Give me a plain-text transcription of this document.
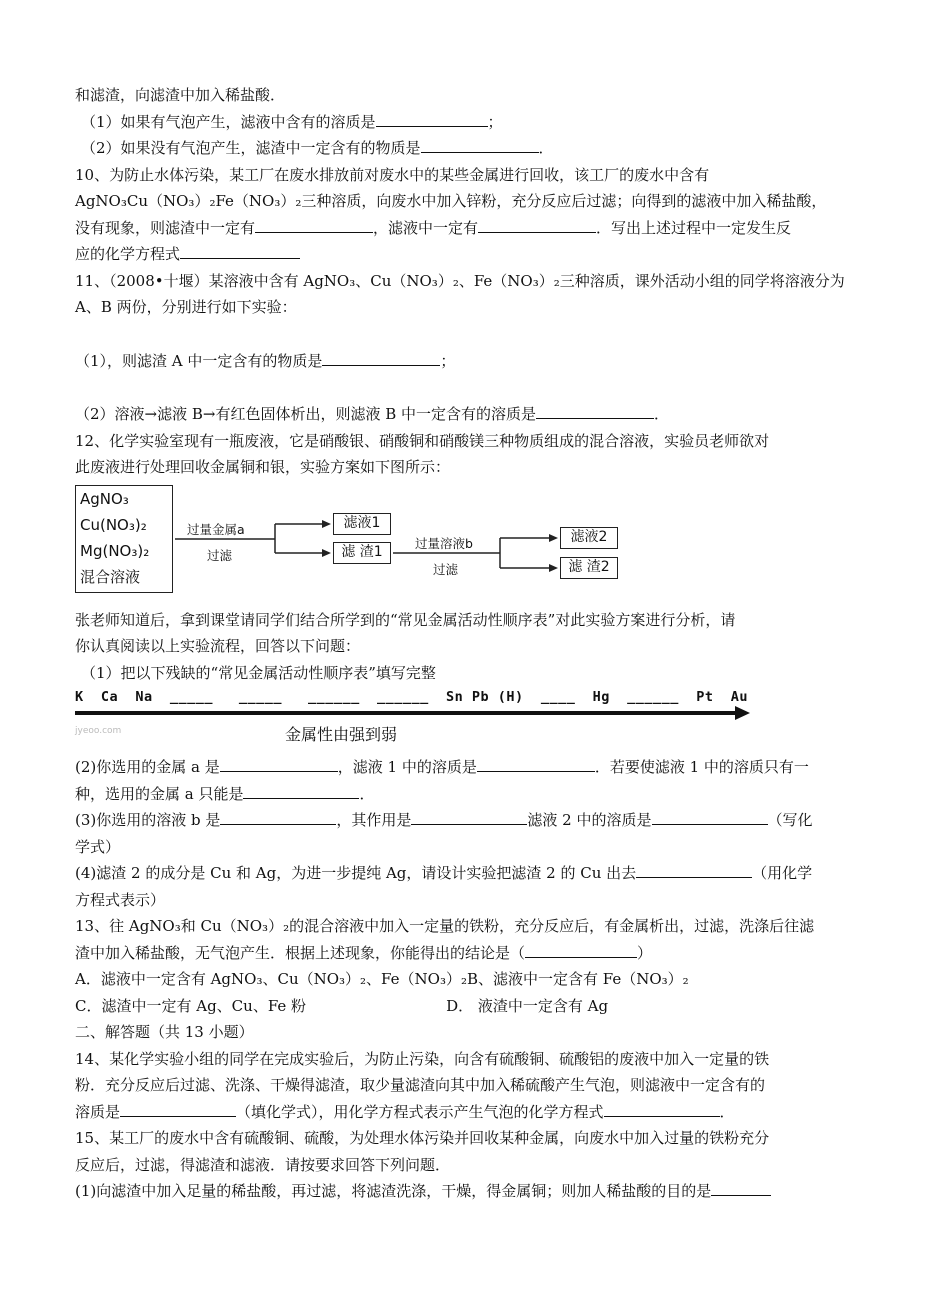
和滤渣，向滤渣中加入稀盐酸．
（1）如果有气泡产生，滤液中含有的溶质是	；
（2）如果没有气泡产生，滤渣中一定含有的物质是	．
10、为防止水体污染，某工厂在废水排放前对废水中的某些金属进行回收，该工厂的废水中含有
AgNO₃Cu（NO₃）₂Fe（NO₃）₂三种溶质，向废水中加入锌粉，充分反应后过滤；向得到的滤液中加入稀盐酸，
没有现象，则滤渣中一定有	，滤液中一定有	．写出上述过程中一定发生反
应的化学方程式
11、（2008•十堰）某溶液中含有 AgNO₃、Cu（NO₃）₂、Fe（NO₃）₂三种溶质，课外活动小组的同学将溶液分为
A、B 两份，分别进行如下实验：
（1），则滤渣 A 中一定含有的物质是	；
（2）溶液→滤液 B→有红色固体析出，则滤液 B 中一定含有的溶质是	．
12、化学实验室现有一瓶废液，它是硝酸银、硝酸铜和硝酸镁三种物质组成的混合溶液，实验员老师欲对
此废液进行处理回收金属铜和银，实验方案如下图所示：
AgNO₃
Cu(NO₃)₂
Mg(NO₃)₂
混合溶液
过量金属a
过滤
滤液1
滤 渣1
过量溶液b
过滤
滤液2
滤 渣2
张老师知道后，拿到课堂请同学们结合所学到的“常见金属活动性顺序表”对此实验方案进行分析，请
你认真阅读以上实验流程，回答以下问题：
（1）把以下残缺的“常见金属活动性顺序表”填写完整
K  Ca  Na  _____   _____   ______  ______  Sn Pb (H)  ____  Hg  ______  Pt  Au
jyeoo.com	金属性由强到弱
(2)你选用的金属 a 是	，滤液 1 中的溶质是	．若要使滤液 1 中的溶质只有一
种，选用的金属 a 只能是	．
(3)你选用的溶液 b 是	，其作用是	滤液 2 中的溶质是	（写化
学式）
(4)滤渣 2 的成分是 Cu 和 Ag，为进一步提纯 Ag，请设计实验把滤渣 2 的 Cu 出去	（用化学
方程式表示）
13、往 AgNO₃和 Cu（NO₃）₂的混合溶液中加入一定量的铁粉，充分反应后，有金属析出，过滤，洗涤后往滤
渣中加入稀盐酸，无气泡产生．根据上述现象，你能得出的结论是（	）
A．滤液中一定含有 AgNO₃、Cu（NO₃）₂、Fe（NO₃）₂B、滤液中一定含有 Fe（NO₃）₂
C．滤渣中一定有 Ag、Cu、Fe 粉	D． 液渣中一定含有 Ag
二、解答题（共 13 小题）
14、某化学实验小组的同学在完成实验后，为防止污染，向含有硫酸铜、硫酸铝的废液中加入一定量的铁
粉．充分反应后过滤、洗涤、干燥得滤渣，取少量滤渣向其中加入稀硫酸产生气泡，则滤液中一定含有的
溶质是	（填化学式），用化学方程式表示产生气泡的化学方程式	．
15、某工厂的废水中含有硫酸铜、硫酸，为处理水体污染并回收某种金属，向废水中加入过量的铁粉充分
反应后，过滤，得滤渣和滤液．请按要求回答下列问题．
(1)向滤渣中加入足量的稀盐酸，再过滤，将滤渣洗涤，干燥，得金属铜；则加人稀盐酸的目的是
